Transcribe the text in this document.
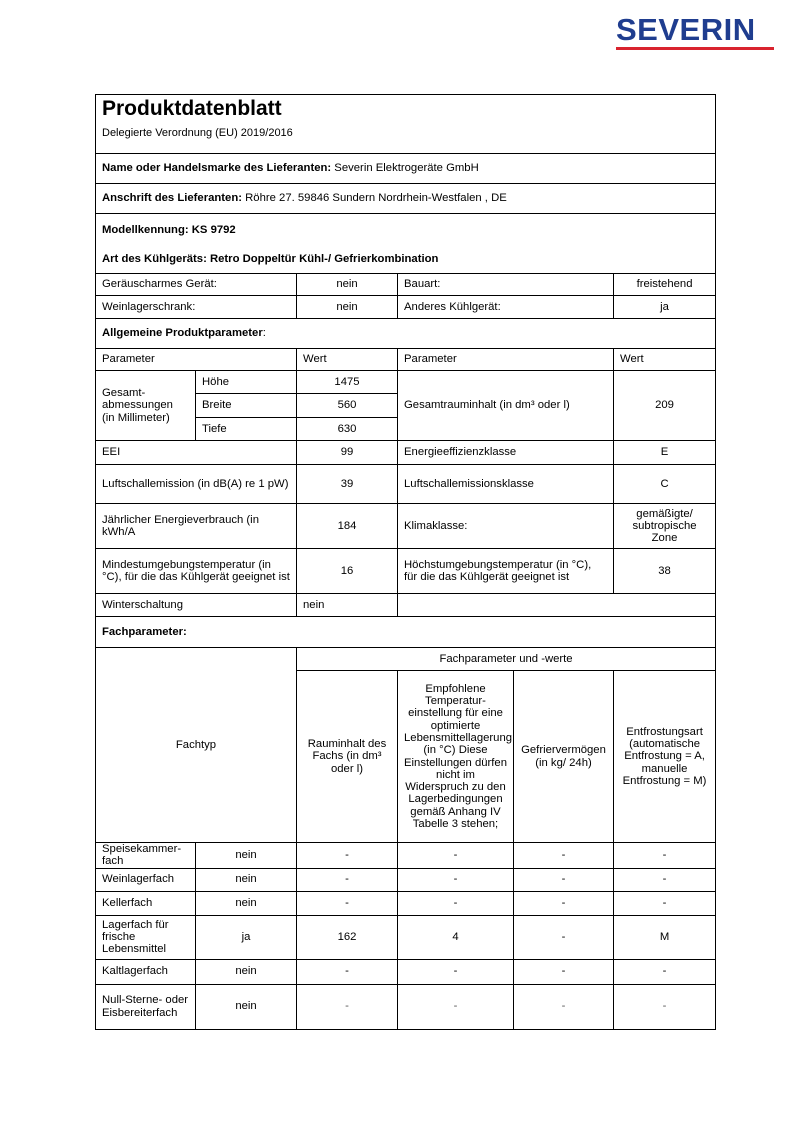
SEVERIN
Produktdatenblatt
Delegierte Verordnung (EU) 2019/2016					

Name oder Handelsmarke des Lieferanten: Severin Elektrogeräte GmbH					
Anschrift des Lieferanten: Röhre 27. 59846 Sundern Nordrhein-Westfalen , DE					
Modellkennung: KS 9792					
Art des Kühlgeräts: Retro Doppeltür Kühl-/ Gefrierkombination					
Geräuscharmes Gerät:		nein	Bauart:		freistehend
Weinlagerschrank:		nein	Anderes Kühlgerät:		ja
Allgemeine Produktparameter:					
Parameter		Wert	Parameter		Wert
Gesamt-
abmessungen
(in Millimeter)	Höhe	1475	Gesamtrauminhalt (in dm³ oder l)		209
	Breite	560			
	Tiefe	630			
EEI		99	Energieeffizienzklasse		E
Luftschallemission (in dB(A) re 1 pW)		39	Luftschallemissionsklasse		C
Jährlicher Energieverbrauch (in kWh/A		184	Klimaklasse:		gemäßigte/ subtropische Zone
Mindestumgebungstemperatur (in °C), für die das Kühlgerät geeignet ist		16	Höchstumgebungstemperatur (in °C), für die das Kühlgerät geeignet ist		38
Winterschaltung		nein			
Fachparameter:					
Fachtyp		Fachparameter und -werte			
		Rauminhalt des Fachs (in dm³ oder l)	Empfohlene Temperatur-einstellung für eine optimierte Lebensmittellagerung (in °C) Diese Einstellungen dürfen nicht im Widerspruch zu den Lagerbedingungen gemäß Anhang IV Tabelle 3 stehen;	Gefriervermögen (in kg/ 24h)	Entfrostungsart (automatische Entfrostung = A, manuelle Entfrostung = M)
Speisekammer-fach	nein	-	-	-	-
Weinlagerfach	nein	-	-	-	-
Kellerfach	nein	-	-	-	-
Lagerfach für frische Lebensmittel	ja	162	4	-	M
Kaltlagerfach	nein	-	-	-	-
Null-Sterne- oder Eisbereiterfach	nein	-	-	-	-
